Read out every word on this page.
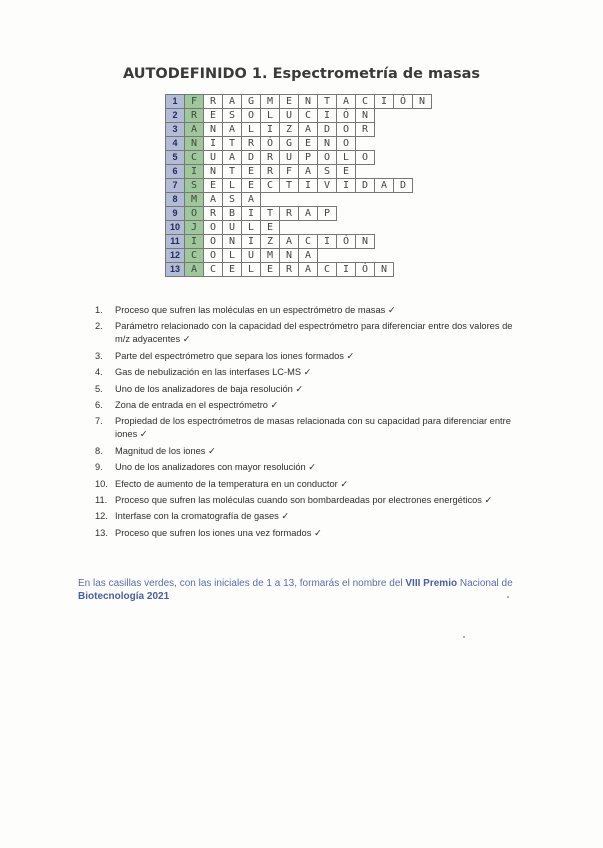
AUTODEFINIDO 1. Espectrometría de masas
1	F	R	A	G	M	E	N	T	A	C	I	Ó	N
2	R	E	S	O	L	U	C	I	Ó	N			
3	A	N	A	L	I	Z	A	D	O	R			
4	N	I	T	R	Ó	G	E	N	O				
5	C	U	A	D	R	U	P	O	L	O			
6	I	N	T	E	R	F	A	S	E				
7	S	E	L	E	C	T	I	V	I	D	A	D	
8	M	A	S	A									
9	O	R	B	I	T	R	A	P					
10	J	O	U	L	E								
11	I	O	N	I	Z	A	C	I	Ó	N			
12	C	O	L	U	M	N	A						
13	A	C	E	L	E	R	A	C	I	Ó	N		
1.	Proceso que sufren las moléculas en un espectrómetro de masas ✓
2.	Parámetro relacionado con la capacidad del espectrómetro para diferenciar entre dos valores de m/z adyacentes ✓
3.	Parte del espectrómetro que separa los iones formados ✓
4.	Gas de nebulización en las interfases LC-MS ✓
5.	Uno de los analizadores de baja resolución ✓
6.	Zona de entrada en el espectrómetro ✓
7.	Propiedad de los espectrómetros de masas relacionada con su capacidad para diferenciar entre iones ✓
8.	Magnitud de los iones ✓
9.	Uno de los analizadores con mayor resolución ✓
10. Efecto de aumento de la temperatura en un conductor ✓
11. Proceso que sufren las moléculas cuando son bombardeadas por electrones energéticos ✓
12. Interfase con la cromatografía de gases ✓
13. Proceso que sufren los iones una vez formados ✓
En las casillas verdes, con las iniciales de 1 a 13, formarás el nombre del VIII Premio Nacional de Biotecnología 2021
